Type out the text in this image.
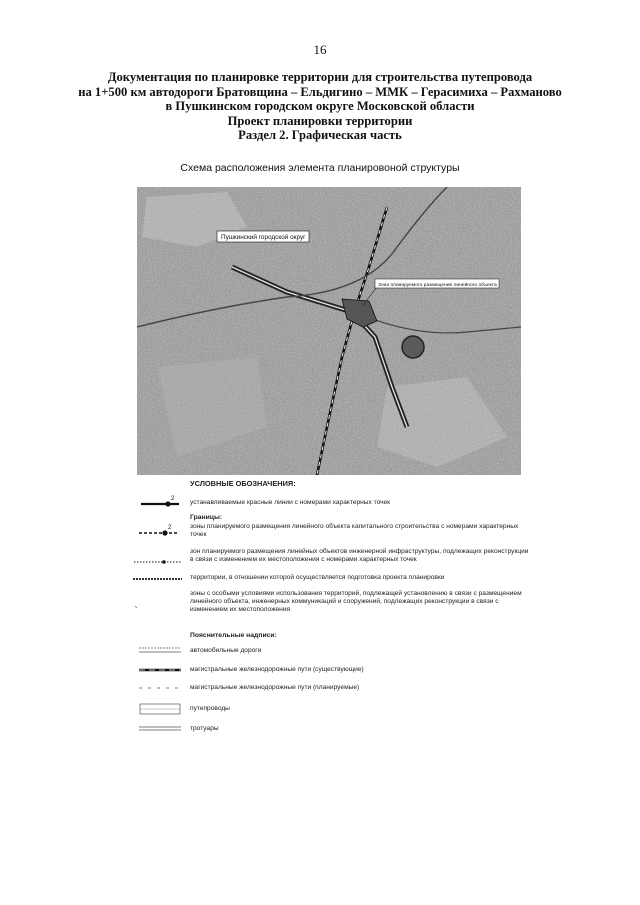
16
Документация по планировке территории для строительства путепровода
на 1+500 км автодороги Братовщина – Ельдигино – ММК – Герасимиха – Рахманово
в Пушкинском городском округе Московской области
Проект планировки территории
Раздел 2. Графическая часть
Схема расположения элемента планировоной структуры
Пушкинский городской округ
Зона планируемого размещения линейного объекта
УСЛОВНЫЕ ОБОЗНАЧЕНИЯ:
2 устанавливаемые красные линии с номерами характерных точек
Границы:
2	зоны планируемого размещения линейного объекта капитального строительства с номерами характерных точек
зон планируемого размещения линейных объектов инженерной инфраструктуры, подлежащих реконструкции в связи с изменением их местоположения с номерами характерных точек
территории, в отношении которой осуществляется подготовка проекта планировки
зоны с особыми условиями использования территорий, подлежащей установлению в связи с размещением линейного объекта, инженерных коммуникаций и сооружений, подлежащих реконструкции в связи с изменением их местоположения
Пояснительные надписи:
автомобильные дороги
магистральные железнодорожные пути (существующие)
магистральные железнодорожные пути (планируемые)
путепроводы
тротуары
